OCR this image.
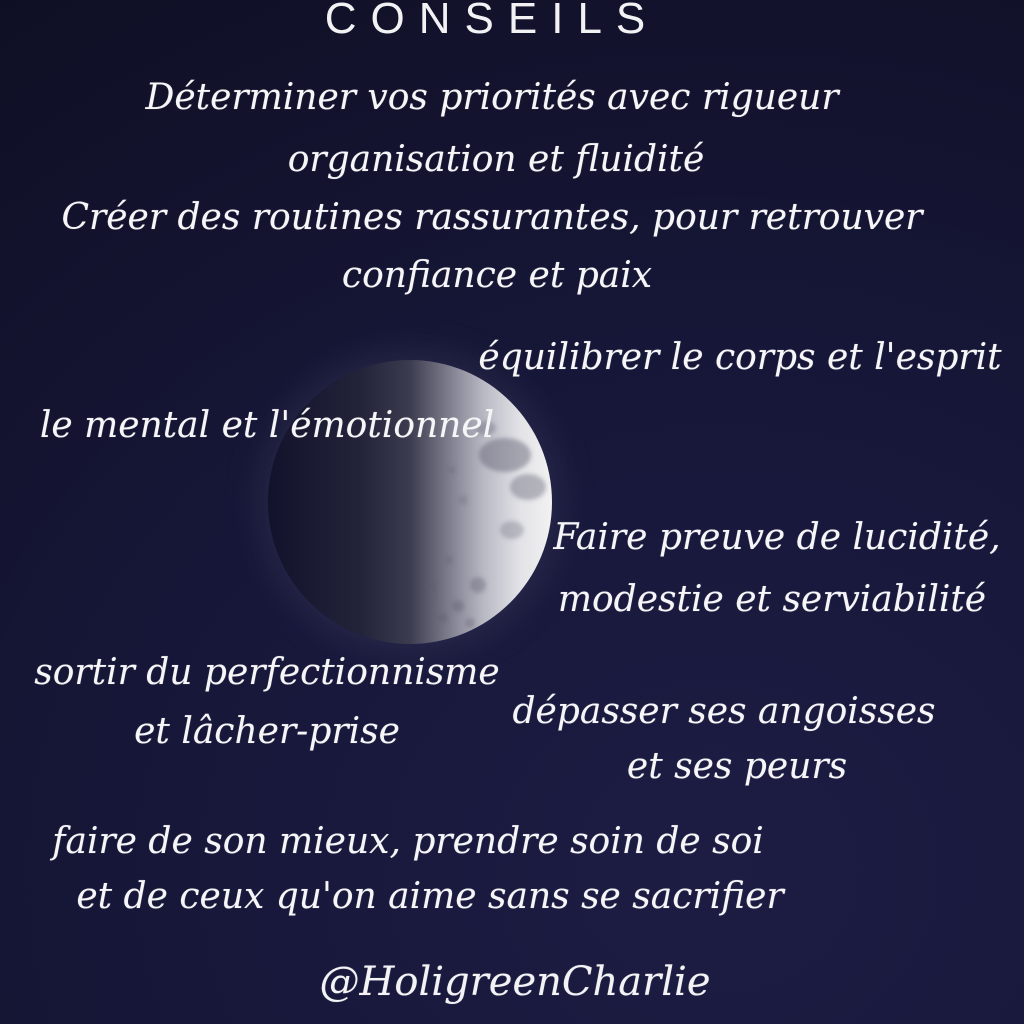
CONSEILS
Déterminer vos priorités avec rigueur
organisation et fluidité
Créer des routines rassurantes, pour retrouver
confiance et paix
équilibrer le corps et l'esprit
le mental et l'émotionnel
Faire preuve de lucidité,
modestie et serviabilité
sortir du perfectionnisme
et lâcher-prise	dépasser ses angoisses
et ses peurs
faire de son mieux, prendre soin de soi
et de ceux qu'on aime sans se sacrifier
@HoligreenCharlie
